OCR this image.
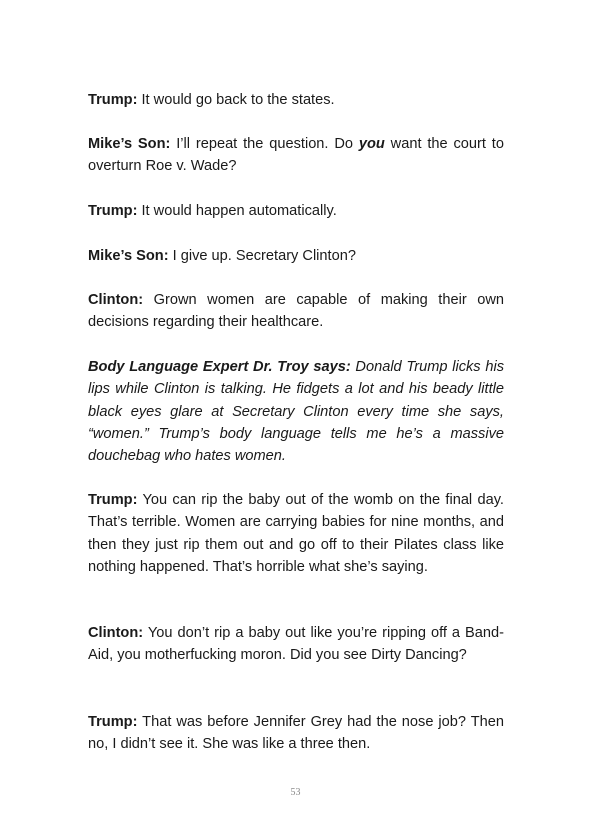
Trump: It would go back to the states.

Mike’s Son: I’ll repeat the question. Do you want the court to overturn Roe v. Wade?

Trump: It would happen automatically.

Mike’s Son: I give up. Secretary Clinton?

Clinton: Grown women are capable of making their own decisions regarding their healthcare.

Body Language Expert Dr. Troy says: Donald Trump licks his lips while Clinton is talking. He fidgets a lot and his beady little black eyes glare at Secretary Clinton every time she says, “women.” Trump’s body language tells me he’s a massive douchebag who hates women.

Trump: You can rip the baby out of the womb on the final day. That’s terrible. Women are carrying babies for nine months, and then they just rip them out and go off to their Pilates class like nothing happened. That’s horrible what she’s saying.

Clinton: You don’t rip a baby out like you’re ripping off a Band-Aid, you motherfucking moron. Did you see Dirty Dancing?

Trump: That was before Jennifer Grey had the nose job? Then no, I didn’t see it. She was like a three then.

53
